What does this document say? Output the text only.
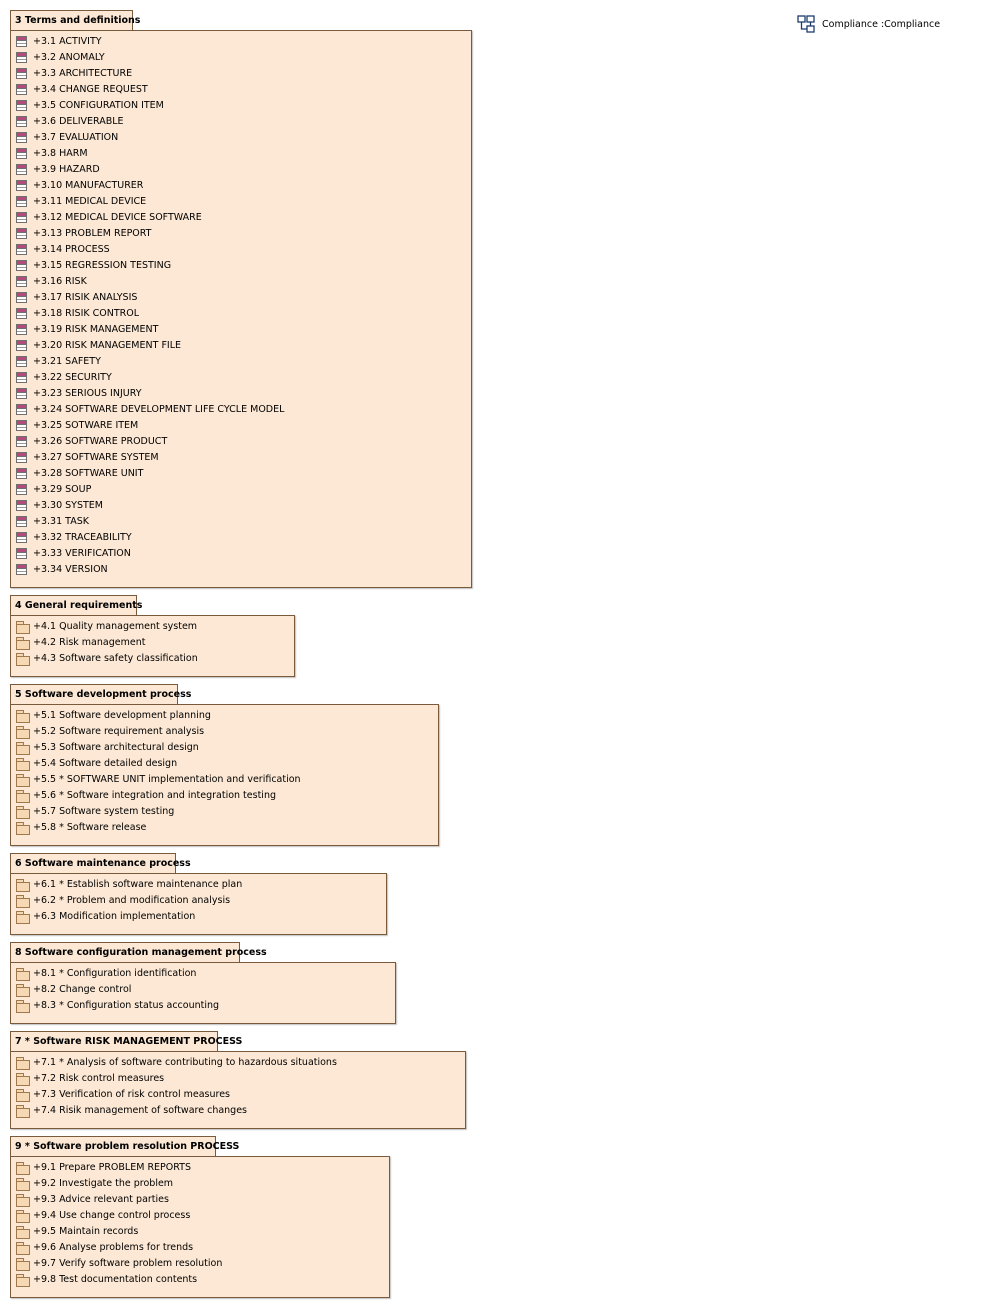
3 Terms and definitions
+3.1 ACTIVITY
+3.2 ANOMALY
+3.3 ARCHITECTURE
+3.4 CHANGE REQUEST
+3.5 CONFIGURATION ITEM
+3.6 DELIVERABLE
+3.7 EVALUATION
+3.8 HARM
+3.9 HAZARD
+3.10 MANUFACTURER
+3.11 MEDICAL DEVICE
+3.12 MEDICAL DEVICE SOFTWARE
+3.13 PROBLEM REPORT
+3.14 PROCESS
+3.15 REGRESSION TESTING
+3.16 RISK
+3.17 RISIK ANALYSIS
+3.18 RISIK CONTROL
+3.19 RISK MANAGEMENT
+3.20 RISK MANAGEMENT FILE
+3.21 SAFETY
+3.22 SECURITY
+3.23 SERIOUS INJURY
+3.24 SOFTWARE DEVELOPMENT LIFE CYCLE MODEL
+3.25 SOTWARE ITEM
+3.26 SOFTWARE PRODUCT
+3.27 SOFTWARE SYSTEM
+3.28 SOFTWARE UNIT
+3.29 SOUP
+3.30 SYSTEM
+3.31 TASK
+3.32 TRACEABILITY
+3.33 VERIFICATION
+3.34 VERSION
4 General requirements
+4.1 Quality management system
+4.2 Risk management
+4.3 Software safety classification
5 Software development process
+5.1 Software development planning
+5.2 Software requirement analysis
+5.3 Software architectural design
+5.4 Software detailed design
+5.5 * SOFTWARE UNIT implementation and verification
+5.6 * Software integration and integration testing
+5.7 Software system testing
+5.8 * Software release
6 Software maintenance process
+6.1 * Establish software maintenance plan
+6.2 * Problem and modification analysis
+6.3 Modification implementation
8 Software configuration management process
+8.1 * Configuration identification
+8.2 Change control
+8.3 * Configuration status accounting
7 * Software RISK MANAGEMENT PROCESS
+7.1 * Analysis of software contributing to hazardous situations
+7.2 Risk control measures
+7.3 Verification of risk control measures
+7.4 Risik management of software changes
9 * Software problem resolution PROCESS
+9.1 Prepare PROBLEM REPORTS
+9.2 Investigate the problem
+9.3 Advice relevant parties
+9.4 Use change control process
+9.5 Maintain records
+9.6 Analyse problems for trends
+9.7 Verify software problem resolution
+9.8 Test documentation contents
Compliance :Compliance
